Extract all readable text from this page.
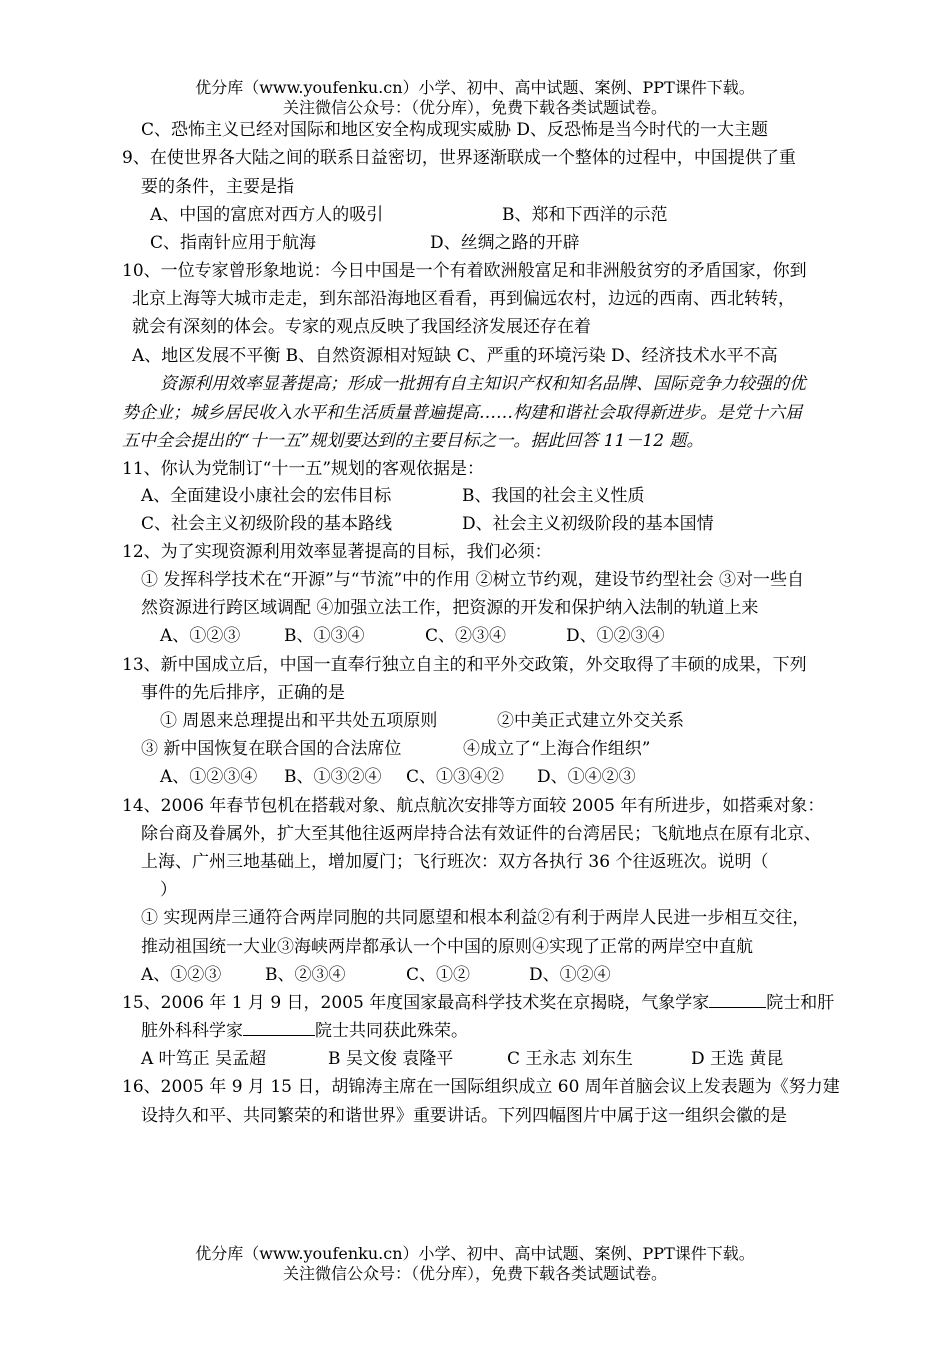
优分库（www.youfenku.cn）小学、初中、高中试题、案例、PPT课件下载。
关注微信公众号：（优分库），免费下载各类试题试卷。
C、恐怖主义已经对国际和地区安全构成现实威胁 D、反恐怖是当今时代的一大主题
9、在使世界各大陆之间的联系日益密切，世界逐渐联成一个整体的过程中，中国提供了重
要的条件，主要是指
A、中国的富庶对西方人的吸引	B、郑和下西洋的示范
C、指南针应用于航海	D、丝绸之路的开辟
10、一位专家曾形象地说：今日中国是一个有着欧洲般富足和非洲般贫穷的矛盾国家，你到
北京上海等大城市走走，到东部沿海地区看看，再到偏远农村，边远的西南、西北转转，
就会有深刻的体会。专家的观点反映了我国经济发展还存在着
A、地区发展不平衡 B、自然资源相对短缺 C、严重的环境污染 D、经济技术水平不高
资源利用效率显著提高；形成一批拥有自主知识产权和知名品牌、国际竞争力较强的优
势企业；城乡居民收入水平和生活质量普遍提高……构建和谐社会取得新进步。是党十六届
五中全会提出的“十一五”规划要达到的主要目标之一。据此回答 11－12 题。
11、你认为党制订“十一五”规划的客观依据是：
A、全面建设小康社会的宏伟目标	B、我国的社会主义性质
C、社会主义初级阶段的基本路线	D、社会主义初级阶段的基本国情
12、为了实现资源利用效率显著提高的目标，我们必须：
① 发挥科学技术在“开源”与“节流”中的作用 ②树立节约观，建设节约型社会 ③对一些自
然资源进行跨区域调配 ④加强立法工作，把资源的开发和保护纳入法制的轨道上来
A、①②③	B、①③④	C、②③④	D、①②③④
13、新中国成立后，中国一直奉行独立自主的和平外交政策，外交取得了丰硕的成果，下列
事件的先后排序，正确的是
① 周恩来总理提出和平共处五项原则	②中美正式建立外交关系
③ 新中国恢复在联合国的合法席位	④成立了“上海合作组织”
A、①②③④ B、①③②④ C、①③④② D、①④②③
14、2006 年春节包机在搭载对象、航点航次安排等方面较 2005 年有所进步，如搭乘对象：
除台商及眷属外，扩大至其他往返两岸持合法有效证件的台湾居民；飞航地点在原有北京、
上海、广州三地基础上，增加厦门；飞行班次：双方各执行 36 个往返班次。说明（
）
① 实现两岸三通符合两岸同胞的共同愿望和根本利益②有利于两岸人民进一步相互交往，
推动祖国统一大业③海峡两岸都承认一个中国的原则④实现了正常的两岸空中直航
A、①②③	B、②③④	C、①②	D、①②④
15、2006 年 1 月 9 日，2005 年度国家最高科学技术奖在京揭晓，气象学家	院士和肝
脏外科科学家	院士共同获此殊荣。
A 叶笃正 吴孟超	B 吴文俊 袁隆平	C 王永志 刘东生	D 王选 黄昆
16、2005 年 9 月 15 日，胡锦涛主席在一国际组织成立 60 周年首脑会议上发表题为《努力建
设持久和平、共同繁荣的和谐世界》重要讲话。下列四幅图片中属于这一组织会徽的是
优分库（www.youfenku.cn）小学、初中、高中试题、案例、PPT课件下载。
关注微信公众号：（优分库），免费下载各类试题试卷。
